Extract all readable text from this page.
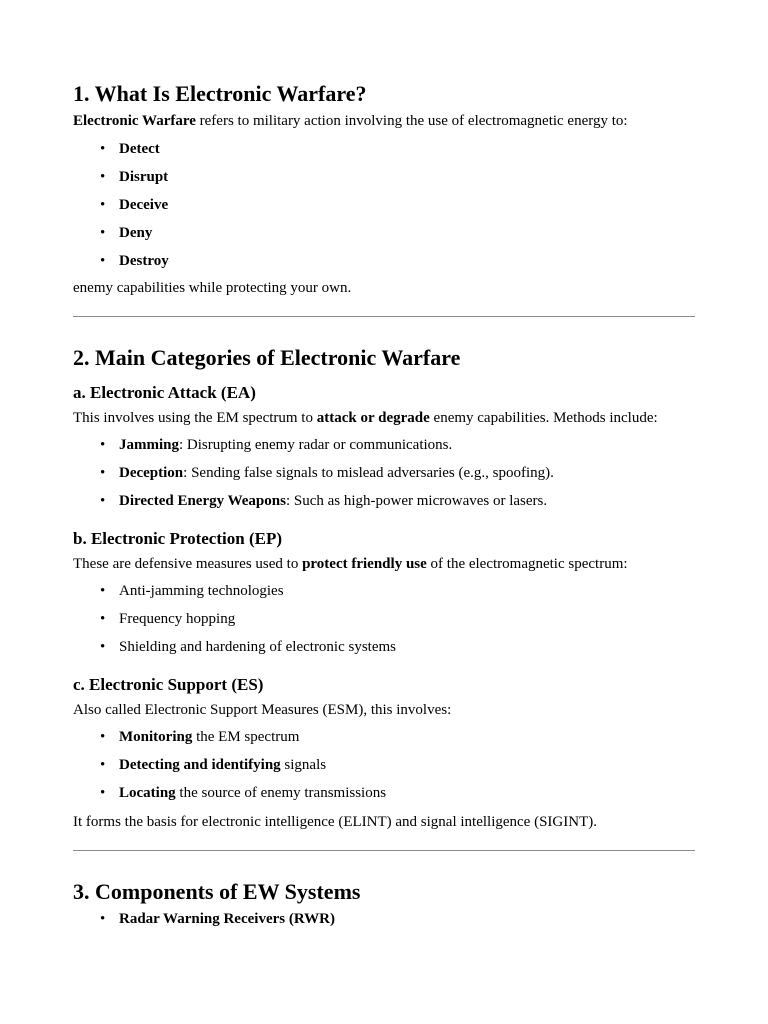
1. What Is Electronic Warfare?

Electronic Warfare refers to military action involving the use of electromagnetic energy to:

• Detect
• Disrupt
• Deceive
• Deny
• Destroy

enemy capabilities while protecting your own.

2. Main Categories of Electronic Warfare
a. Electronic Attack (EA)

This involves using the EM spectrum to attack or degrade enemy capabilities. Methods include:

• Jamming: Disrupting enemy radar or communications.
• Deception: Sending false signals to mislead adversaries (e.g., spoofing).
• Directed Energy Weapons: Such as high-power microwaves or lasers.
b. Electronic Protection (EP)

These are defensive measures used to protect friendly use of the electromagnetic spectrum:

• Anti-jamming technologies
• Frequency hopping
• Shielding and hardening of electronic systems
c. Electronic Support (ES)

Also called Electronic Support Measures (ESM), this involves:

• Monitoring the EM spectrum
• Detecting and identifying signals
• Locating the source of enemy transmissions

It forms the basis for electronic intelligence (ELINT) and signal intelligence (SIGINT).

3. Components of EW Systems
• Radar Warning Receivers (RWR)
